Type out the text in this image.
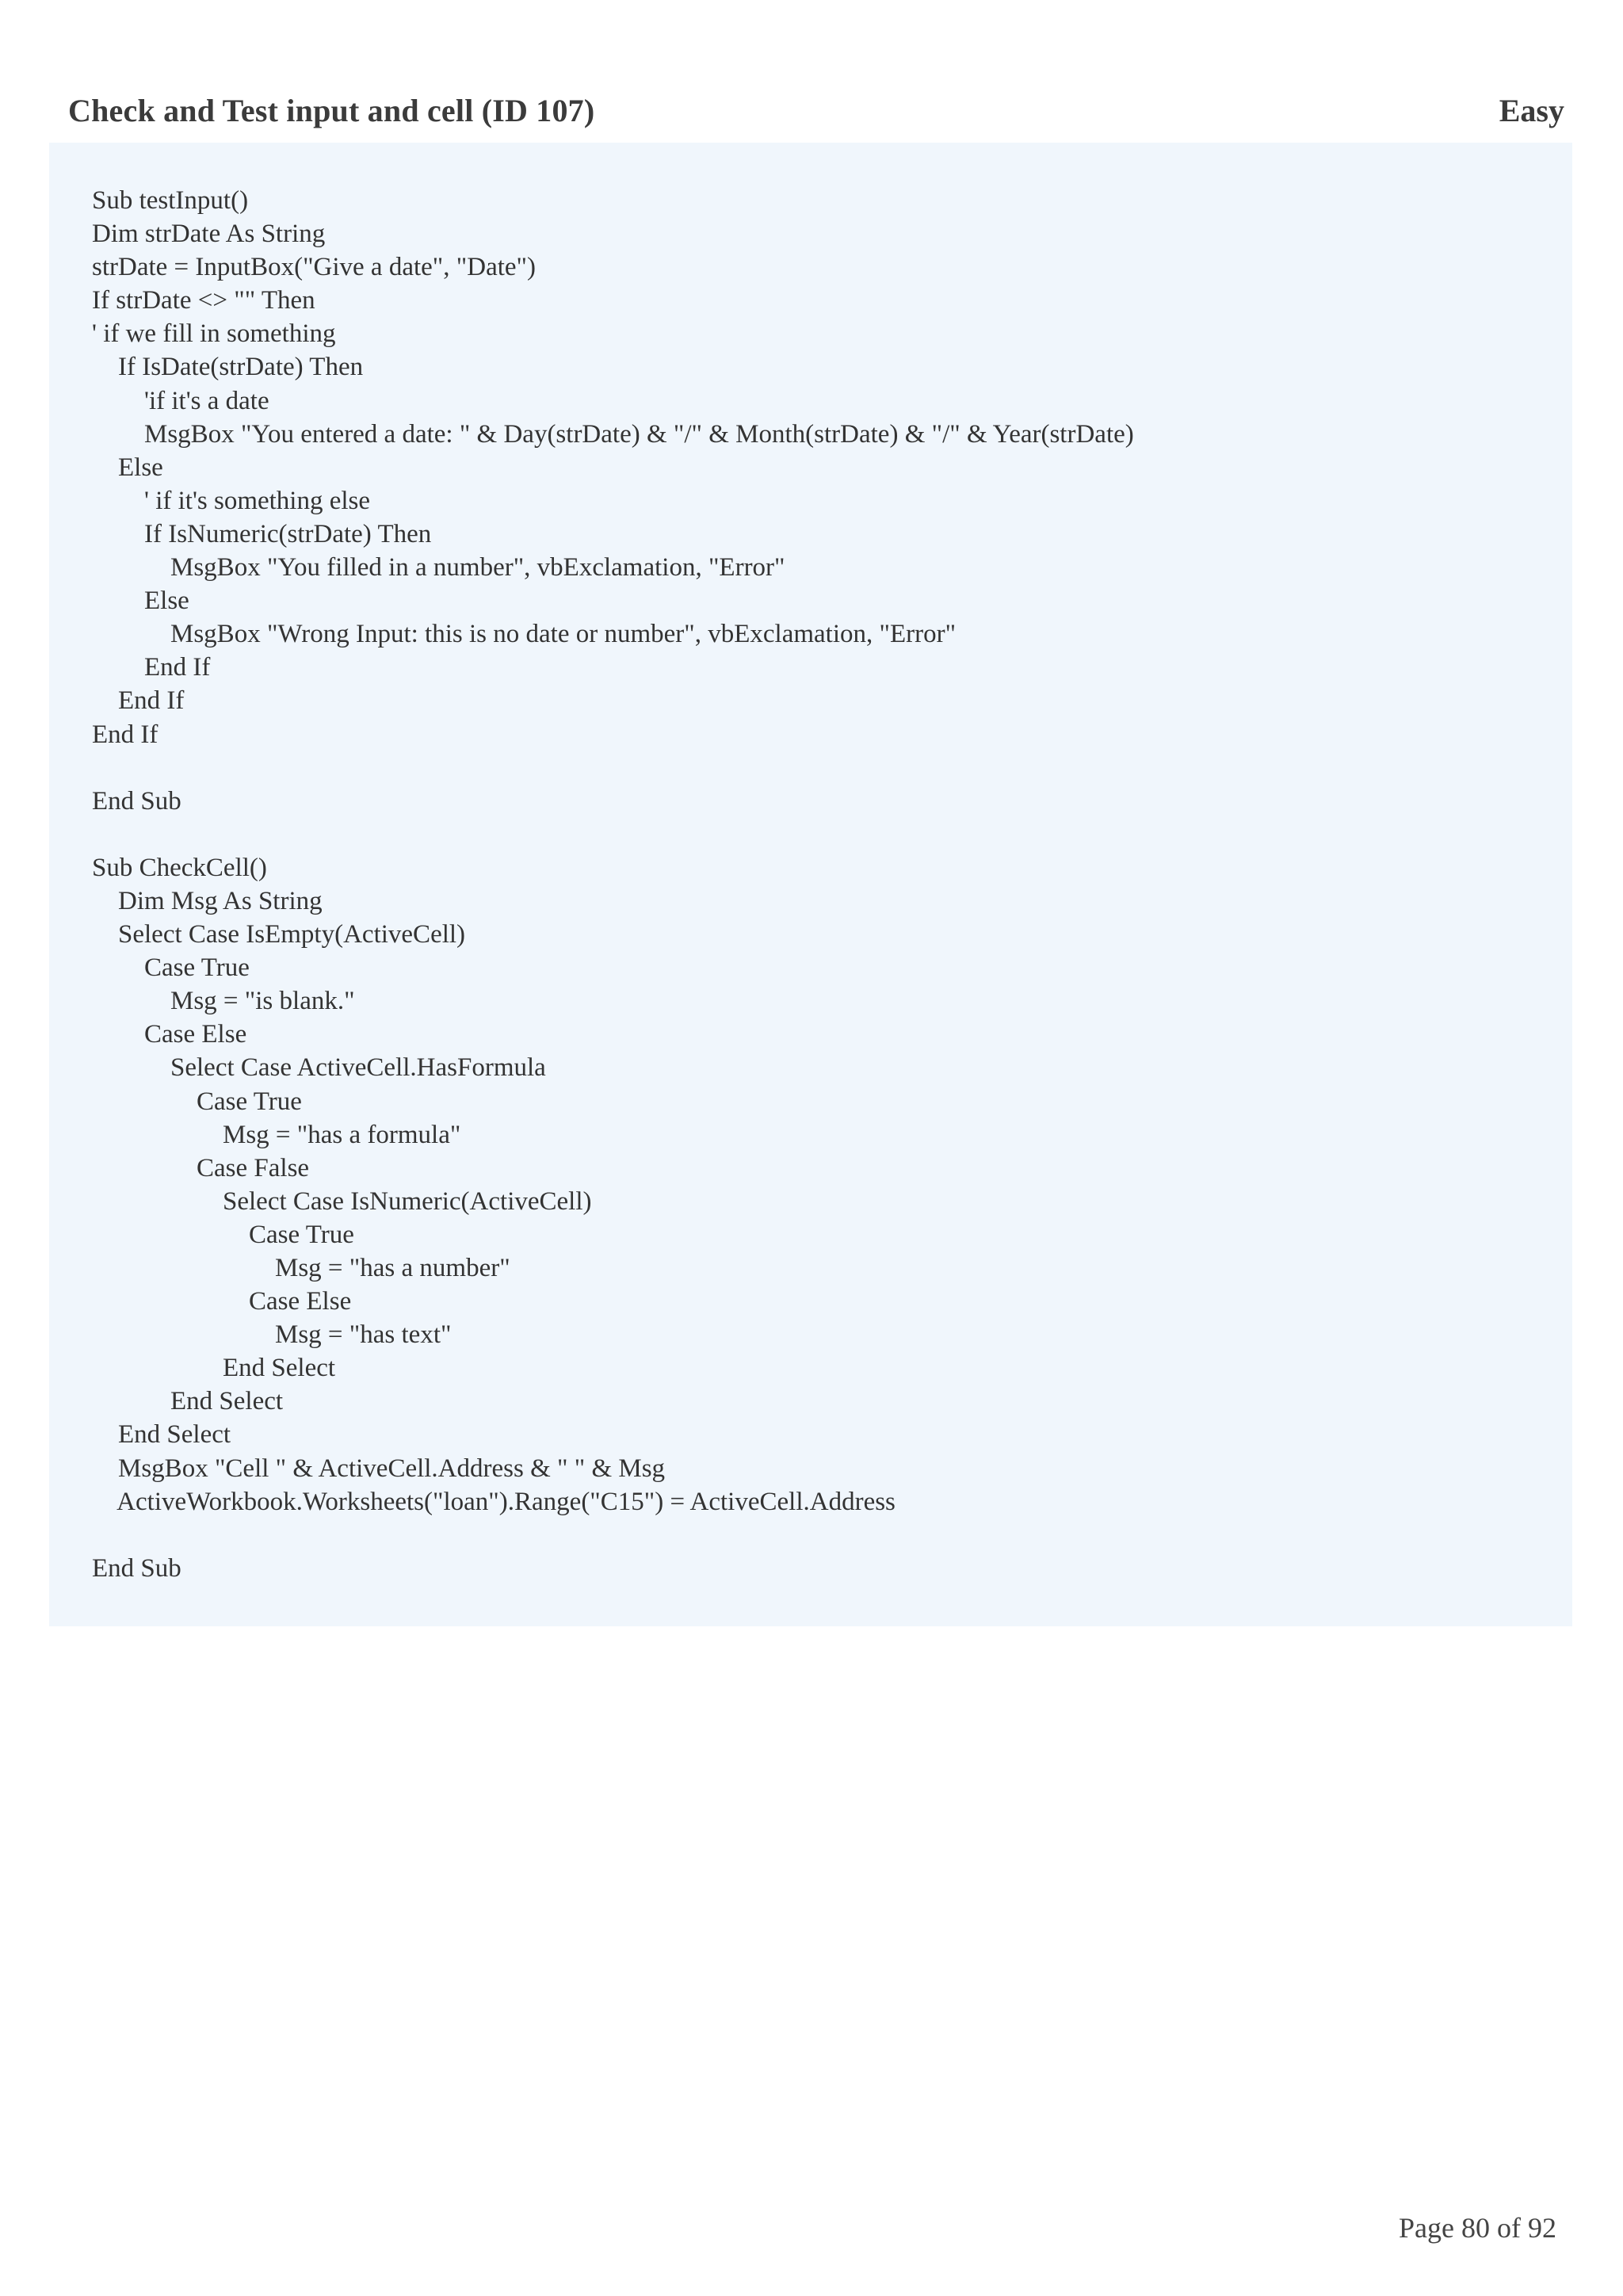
Check and Test input and cell (ID 107)	Easy
Sub testInput()
Dim strDate As String
strDate = InputBox("Give a date", "Date")
If strDate <> "" Then
' if we fill in something
If IsDate(strDate) Then
'if it's a date
MsgBox "You entered a date: " & Day(strDate) & "/" & Month(strDate) & "/" & Year(strDate)
Else
' if it's something else
If IsNumeric(strDate) Then
MsgBox "You filled in a number", vbExclamation, "Error"
Else
MsgBox "Wrong Input: this is no date or number", vbExclamation, "Error"
End If
End If
End If
End Sub
Sub CheckCell()
Dim Msg As String
Select Case IsEmpty(ActiveCell)
Case True
Msg = "is blank."
Case Else
Select Case ActiveCell.HasFormula
Case True
Msg = "has a formula"
Case False
Select Case IsNumeric(ActiveCell)
Case True
Msg = "has a number"
Case Else
Msg = "has text"
End Select
End Select
End Select
MsgBox "Cell " & ActiveCell.Address & " " & Msg
ActiveWorkbook.Worksheets("loan").Range("C15") = ActiveCell.Address
End Sub
Page 80 of 92
